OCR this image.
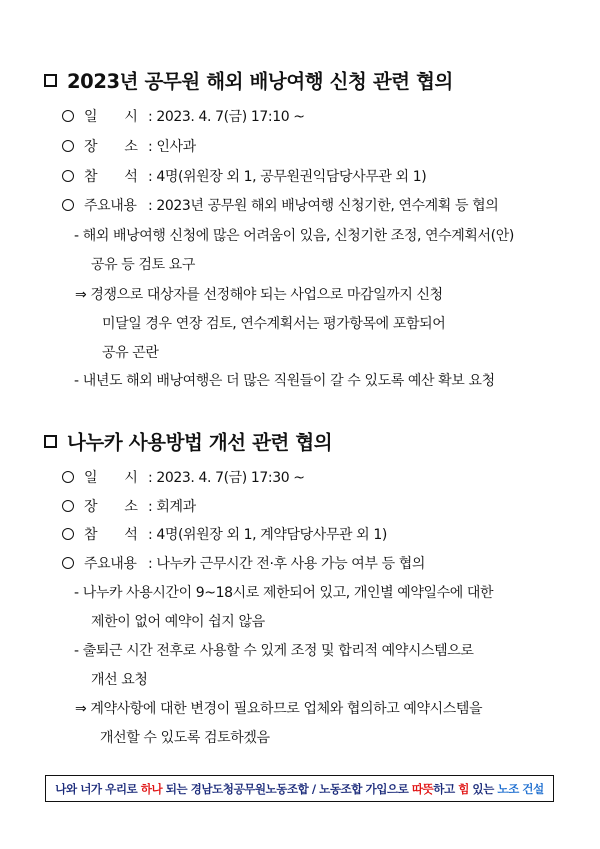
2023년 공무원 해외 배낭여행 신청 관련 협의
일　　시 : 2023. 4. 7(금) 17:10 ~
장　　소 : 인사과
참　　석 : 4명(위원장 외 1, 공무원권익담당사무관 외 1)
주요내용 : 2023년 공무원 해외 배낭여행 신청기한, 연수계획 등 협의
- 해외 배낭여행 신청에 많은 어려움이 있음, 신청기한 조정, 연수계획서(안)
공유 등 검토 요구
⇒ 경쟁으로 대상자를 선정해야 되는 사업으로 마감일까지 신청
미달일 경우 연장 검토, 연수계획서는 평가항목에 포함되어
공유 곤란
- 내년도 해외 배낭여행은 더 많은 직원들이 갈 수 있도록 예산 확보 요청
나누카 사용방법 개선 관련 협의
일　　시 : 2023. 4. 7(금) 17:30 ~
장　　소 : 회계과
참　　석 : 4명(위원장 외 1, 계약담당사무관 외 1)
주요내용 : 나누카 근무시간 전·후 사용 가능 여부 등 협의
- 나누카 사용시간이 9~18시로 제한되어 있고, 개인별 예약일수에 대한
제한이 없어 예약이 쉽지 않음
- 출퇴근 시간 전후로 사용할 수 있게 조정 및 합리적 예약시스템으로
개선 요청
⇒ 계약사항에 대한 변경이 필요하므로 업체와 협의하고 예약시스템을
개선할 수 있도록 검토하겠음
나와 너가 우리로 하나 되는 경남도청공무원노동조합 / 노동조합 가입으로 따뜻 하고 힘 있는 노조 건설
